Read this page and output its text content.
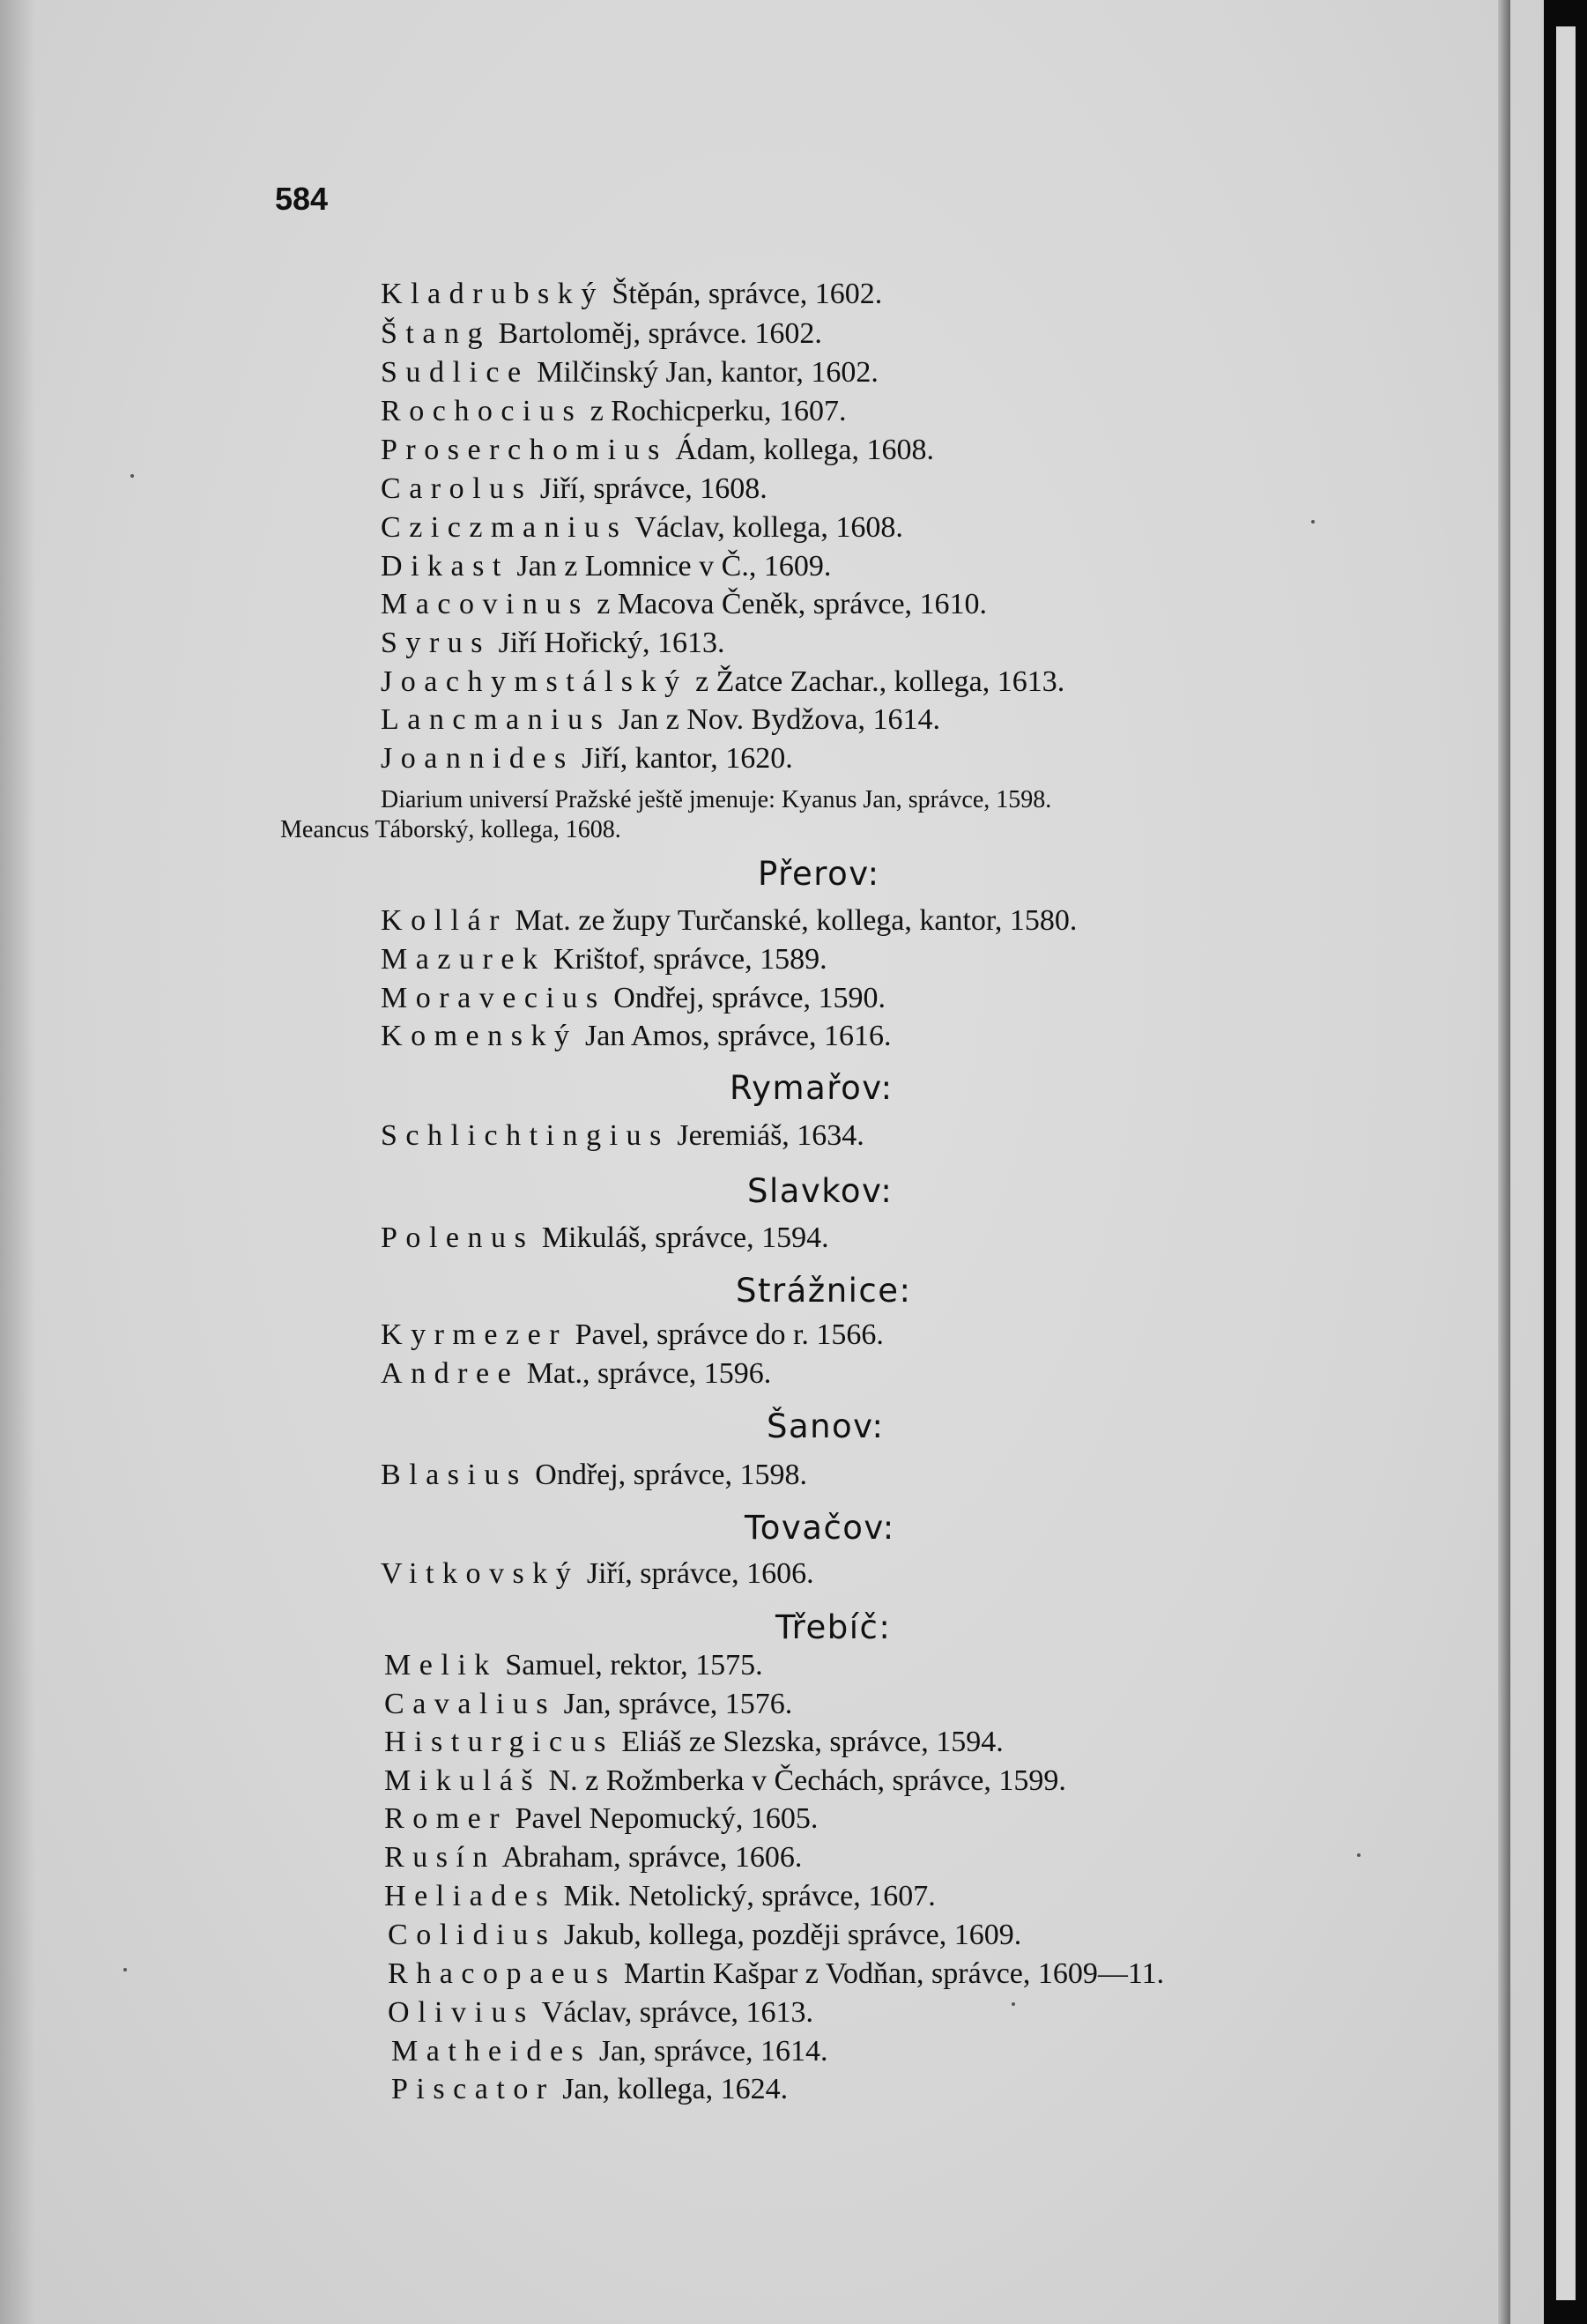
584
Kladrubský Štěpán, správce, 1602.
Štang Bartoloměj, správce. 1602.
Sudlice Milčinský Jan, kantor, 1602.
Rochocius z Rochicperku, 1607.
Proserchomius Ádam, kollega, 1608.
Carolus Jiří, správce, 1608.
Cziczmanius Václav, kollega, 1608.
Dikast Jan z Lomnice v Č., 1609.
Macovinus z Macova Čeněk, správce, 1610.
Syrus Jiří Hořický, 1613.
Joachymstálský z Žatce Zachar., kollega, 1613.
Lancmanius Jan z Nov. Bydžova, 1614.
Joannides Jiří, kantor, 1620.
Diarium universí Pražské ještě jmenuje: Kyanus Jan, správce, 1598.
Meancus Táborský, kollega, 1608.
Přerov:
Kollár Mat. ze župy Turčanské, kollega, kantor, 1580.
Mazurek Krištof, správce, 1589.
Moravecius Ondřej, správce, 1590.
Komenský Jan Amos, správce, 1616.
Rymařov:
Schlichtingius Jeremiáš, 1634.
Slavkov:
Polenus Mikuláš, správce, 1594.
Strážnice:
Kyrmezer Pavel, správce do r. 1566.
Andree Mat., správce, 1596.
Šanov:
Blasius Ondřej, správce, 1598.
Tovačov:
Vitkovský Jiří, správce, 1606.
Třebíč:
Melik Samuel, rektor, 1575.
Cavalius Jan, správce, 1576.
Histurgicus Eliáš ze Slezska, správce, 1594.
Mikuláš N. z Rožmberka v Čechách, správce, 1599.
Romer Pavel Nepomucký, 1605.
Rusín Abraham, správce, 1606.
Heliades Mik. Netolický, správce, 1607.
Colidius Jakub, kollega, později správce, 1609.
Rhacopaeus Martin Kašpar z Vodňan, správce, 1609—11.
Olivius Václav, správce, 1613.
Matheides Jan, správce, 1614.
Piscator Jan, kollega, 1624.
